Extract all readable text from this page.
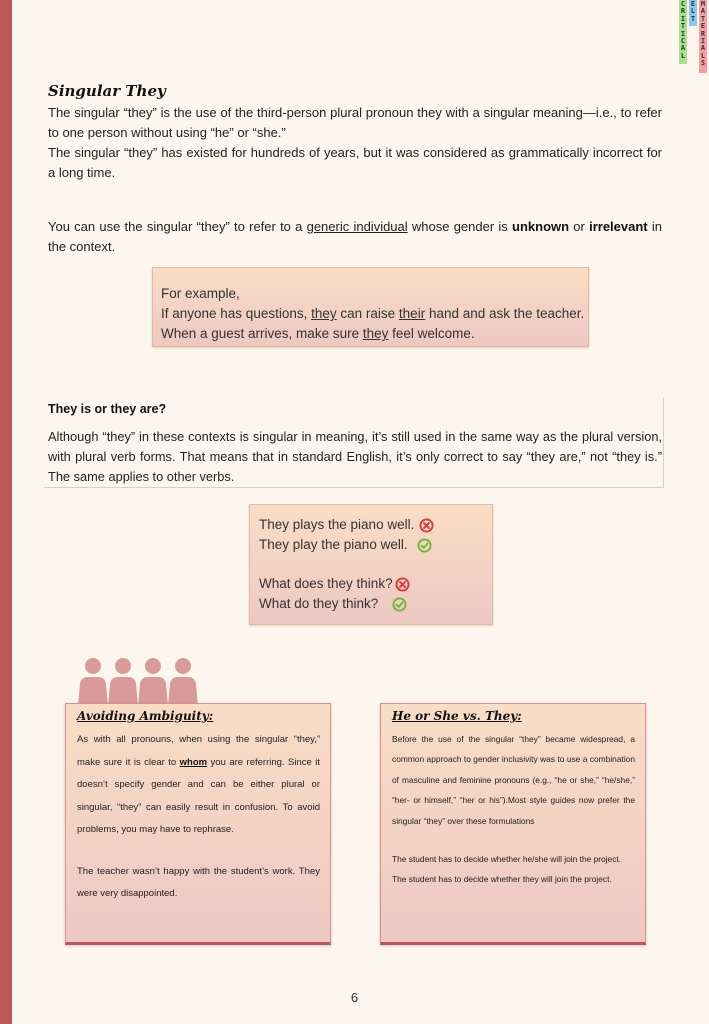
C
R
I
T
I
C
A
L
E
L
T
M
A
T
E
R
I
A
L
S
Singular They

The singular “they” is the use of the third-person plural pronoun they with a singular meaning—i.e., to refer to one person without using “he” or “she.”
The singular “they” has existed for hundreds of years, but it was considered as grammatically incorrect for a long time.

You can use the singular “they” to refer to a generic individual whose gender is unknown or irrelevant in the context.

For example,
If anyone has questions, they can raise their hand and ask the teacher.
When a guest arrives, make sure they feel welcome.
They is or they are?

Although “they” in these contexts is singular in meaning, it’s still used in the same way as the plural version, with plural verb forms. That means that in standard English, it’s only correct to say “they are,” not “they is.” The same applies to other verbs.

They plays the piano well.
They play the piano well.
What does they think?
What do they think?
Avoiding Ambiguity:

As with all pronouns, when using the singular “they,” make sure it is clear to whom you are referring. Since it doesn’t specify gender and can be either plural or singular, “they” can easily result in confusion. To avoid problems, you may have to rephrase.

The teacher wasn’t happy with the student’s work. They were very disappointed.

He or She vs. They:

Before the use of the singular “they” became widespread, a common approach to gender inclusivity was to use a combination of masculine and feminine pronouns (e.g., “he or she,” “he/she,” “her- or himself,” “her or his”).Most style guides now prefer the singular “they” over these formulations

The student has to decide whether he/she will join the project.

The student has to decide whether they will join the project.

6
